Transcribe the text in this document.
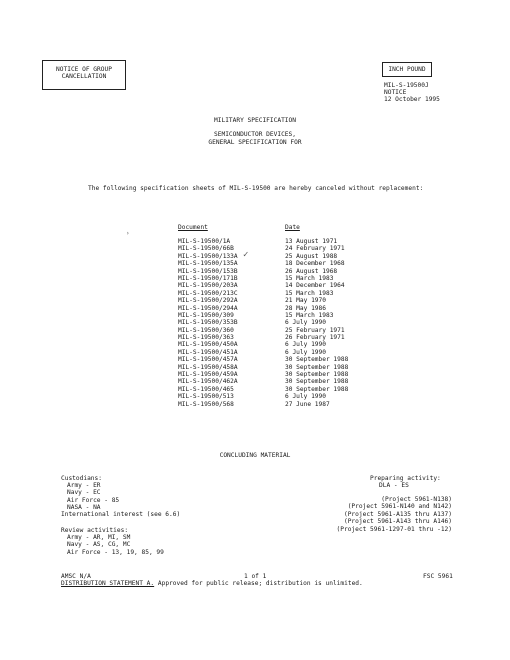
NOTICE OF GROUP
CANCELLATION
INCH POUND
MIL-S-19500J
NOTICE
12 October 1995
MILITARY SPECIFICATION
SEMICONDUCTOR DEVICES,
GENERAL SPECIFICATION FOR
The following specification sheets of MIL-S-19500 are hereby canceled without replacement:
›
Document	Date
MIL-S-19500/1A	13 August 1971
MIL-S-19500/66B	24 February 1971
MIL-S-19500/133A	25 August 1988
MIL-S-19500/135A	18 December 1968
MIL-S-19500/153B	26 August 1968
MIL-S-19500/171B	15 March 1983
MIL-S-19500/203A	14 December 1964
MIL-S-19500/213C	15 March 1983
MIL-S-19500/292A	21 May 1970
MIL-S-19500/294A	28 May 1986
MIL-S-19500/309	15 March 1983
MIL-S-19500/353B	6 July 1990
MIL-S-19500/360	25 February 1971
MIL-S-19500/363	26 February 1971
MIL-S-19500/450A	6 July 1990
MIL-S-19500/451A	6 July 1990
MIL-S-19500/457A	30 September 1988
MIL-S-19500/458A	30 September 1988
MIL-S-19500/459A	30 September 1988
MIL-S-19500/462A	30 September 1988
MIL-S-19500/465	30 September 1988
MIL-S-19500/513	6 July 1990
MIL-S-19500/568	27 June 1987
✓
CONCLUDING MATERIAL
Custodians:
Army - ER
Navy - EC
Air Force - 85
NASA - NA
International interest (see 6.6)
Review activities:
Army - AR, MI, SM
Navy - AS, CG, MC
Air Force - 13, 19, 85, 99
Preparing activity:
DLA - ES
(Project 5961-N138)
(Project 5961-N140 and N142)
(Project 5961-A135 thru A137)
(Project 5961-A143 thru A146)
(Project 5961-1297-01 thru -12)
AMSC N/A	1 of 1	FSC 5961
DISTRIBUTION STATEMENT A. Approved for public release; distribution is unlimited.
